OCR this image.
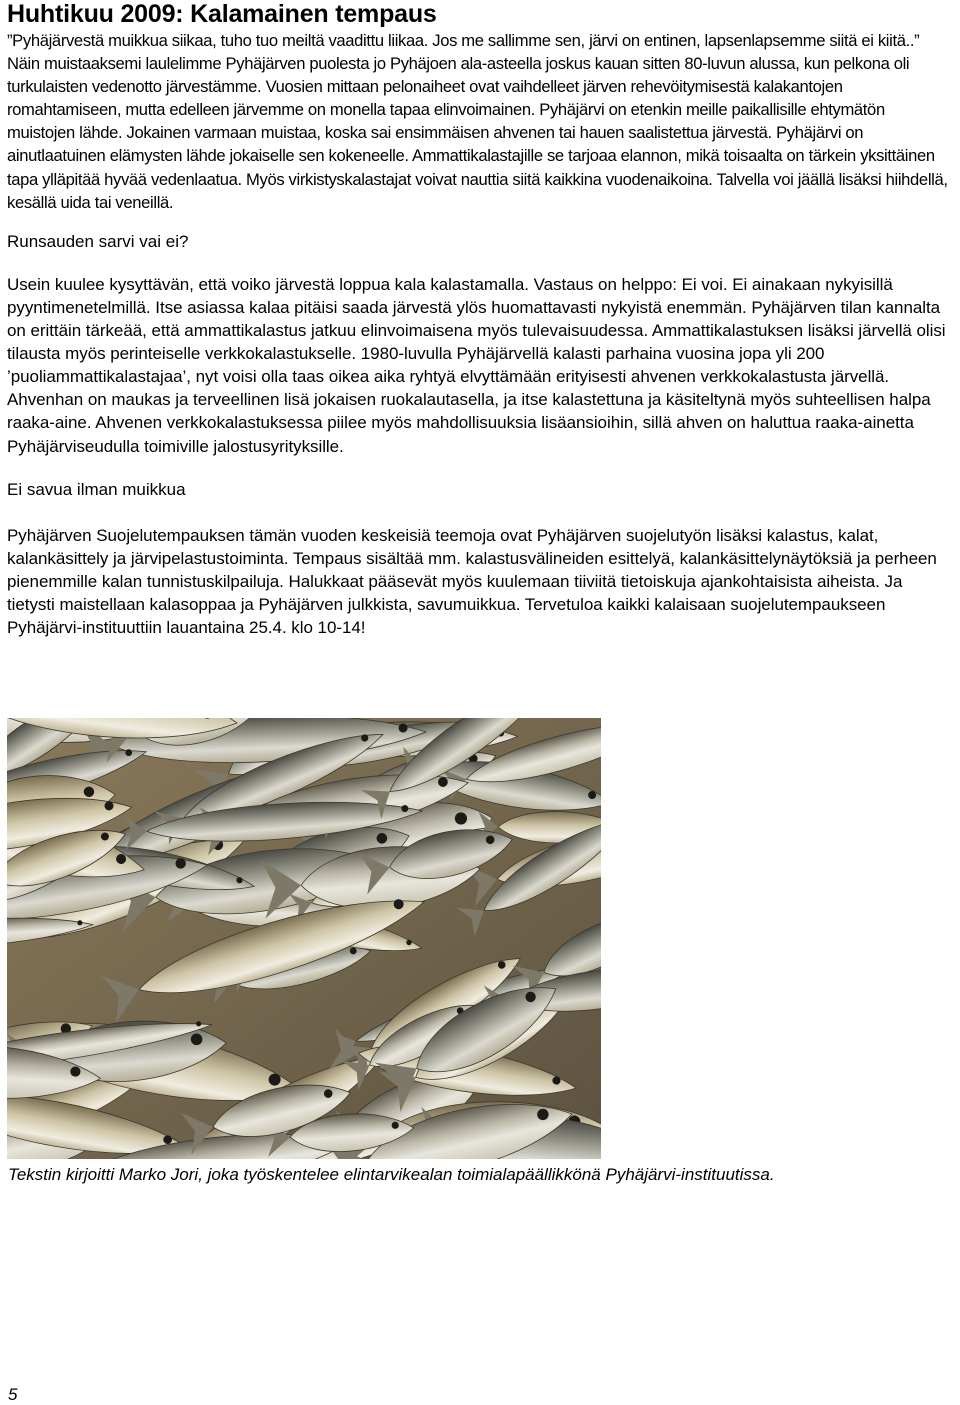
Huhtikuu 2009: Kalamainen tempaus

”Pyhäjärvestä muikkua siikaa, tuho tuo meiltä vaadittu liikaa. Jos me sallimme sen, järvi on entinen, lapsenlapsemme siitä ei kiitä..” Näin muistaaksemi laulelimme Pyhäjärven puolesta jo Pyhäjoen ala-asteella joskus kauan sitten 80-luvun alussa, kun pelkona oli turkulaisten vedenotto järvestämme. Vuosien mittaan pelonaiheet ovat vaihdelleet järven rehevöitymisestä kalakantojen romahtamiseen, mutta edelleen järvemme on monella tapaa elinvoimainen. Pyhäjärvi on etenkin meille paikallisille ehtymätön muistojen lähde. Jokainen varmaan muistaa, koska sai ensimmäisen ahvenen tai hauen saalistettua järvestä. Pyhäjärvi on ainutlaatuinen elämysten lähde jokaiselle sen kokeneelle. Ammattikalastajille se tarjoaa elannon, mikä toisaalta on tärkein yksittäinen tapa ylläpitää hyvää vedenlaatua. Myös virkistyskalastajat voivat nauttia siitä kaikkina vuodenaikoina. Talvella voi jäällä lisäksi hiihdellä, kesällä uida tai veneillä.

Runsauden sarvi vai ei?

Usein kuulee kysyttävän, että voiko järvestä loppua kala kalastamalla. Vastaus on helppo: Ei voi. Ei ainakaan nykyisillä pyyntimenetelmillä. Itse asiassa kalaa pitäisi saada järvestä ylös huomattavasti nykyistä enemmän. Pyhäjärven tilan kannalta on erittäin tärkeää, että ammattikalastus jatkuu elinvoimaisena myös tulevaisuudessa. Ammattikalastuksen lisäksi järvellä olisi tilausta myös perinteiselle verkkokalastukselle. 1980-luvulla Pyhäjärvellä kalasti parhaina vuosina jopa yli 200 ’puoliammattikalastajaa’, nyt voisi olla taas oikea aika ryhtyä elvyttämään erityisesti ahvenen verkkokalastusta järvellä. Ahvenhan on maukas ja terveellinen lisä jokaisen ruokalautasella, ja itse kalastettuna ja käsiteltynä myös suhteellisen halpa raaka-aine. Ahvenen verkkokalastuksessa piilee myös mahdollisuuksia lisäansioihin, sillä ahven on haluttua raaka-ainetta Pyhäjärviseudulla toimiville jalostusyrityksille.

Ei savua ilman muikkua

Pyhäjärven Suojelutempauksen tämän vuoden keskeisiä teemoja ovat Pyhäjärven suojelutyön lisäksi kalastus, kalat, kalankäsittely ja järvipelastustoiminta. Tempaus sisältää mm. kalastusvälineiden esittelyä, kalankäsittelynäytöksiä ja perheen pienemmille kalan tunnistuskilpailuja. Halukkaat pääsevät myös kuulemaan tiiviitä tietoiskuja ajankohtaisista aiheista. Ja tietysti maistellaan kalasoppaa ja Pyhäjärven julkkista, savumuikkua. Tervetuloa kaikki kalaisaan suojelutempaukseen Pyhäjärvi-instituuttiin lauantaina 25.4. klo 10-14!

Tekstin kirjoitti Marko Jori, joka työskentelee elintarvikealan toimialapäällikkönä Pyhäjärvi-instituutissa.

5
